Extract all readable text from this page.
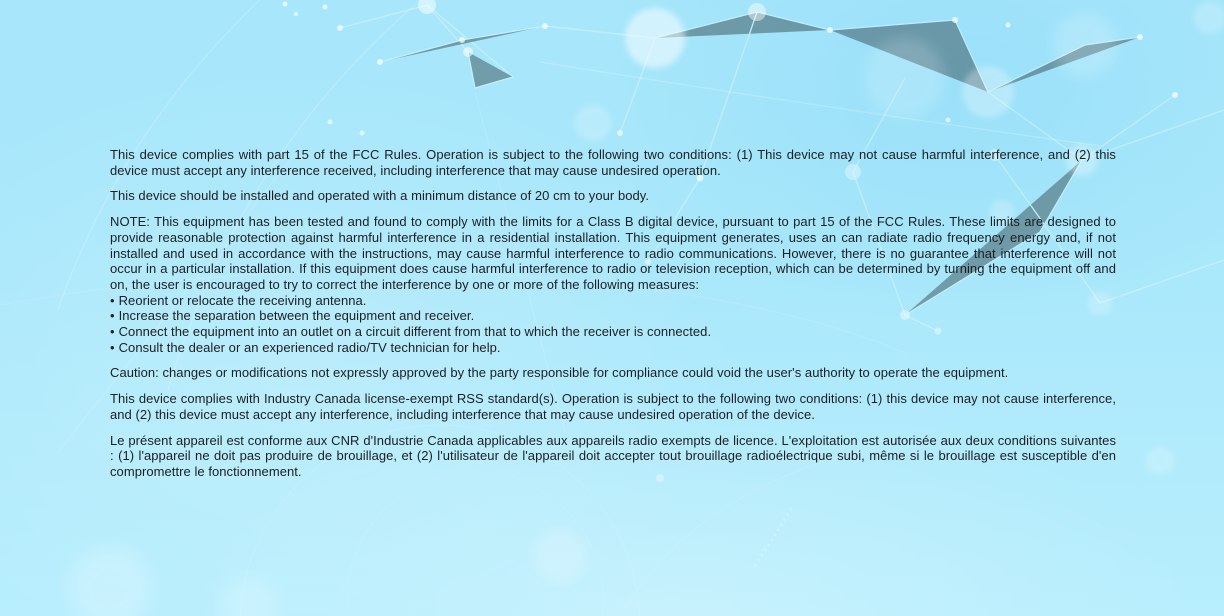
This device complies with part 15 of the FCC Rules. Operation is subject to the following two conditions: (1) This device may not cause harmful interference, and (2) this device must accept any interference received, including interference that may cause undesired operation.

This device should be installed and operated with a minimum distance of 20 cm to your body.

NOTE: This equipment has been tested and found to comply with the limits for a Class B digital device, pursuant to part 15 of the FCC Rules. These limits are designed to provide reasonable protection against harmful interference in a residential installation. This equipment generates, uses an can radiate radio frequency energy and, if not installed and used in accordance with the instructions, may cause harmful interference to radio communications. However, there is no guarantee that interference will not occur in a particular installation. If this equipment does cause harmful interference to radio or television reception, which can be determined by turning the equipment off and on, the user is encouraged to try to correct the interference by one or more of the following measures:

• Reorient or relocate the receiving antenna.
• Increase the separation between the equipment and receiver.
• Connect the equipment into an outlet on a circuit different from that to which the receiver is connected.
• Consult the dealer or an experienced radio/TV technician for help.

Caution: changes or modifications not expressly approved by the party responsible for compliance could void the user's authority to operate the equipment.

This device complies with Industry Canada license-exempt RSS standard(s). Operation is subject to the following two conditions: (1) this device may not cause interference, and (2) this device must accept any interference, including interference that may cause undesired operation of the device.

Le présent appareil est conforme aux CNR d'Industrie Canada applicables aux appareils radio exempts de licence. L'exploitation est autorisée aux deux conditions suivantes : (1) l'appareil ne doit pas produire de brouillage, et (2) l'utilisateur de l'appareil doit accepter tout brouillage radioélectrique subi, même si le brouillage est susceptible d'en compromettre le fonctionnement.
